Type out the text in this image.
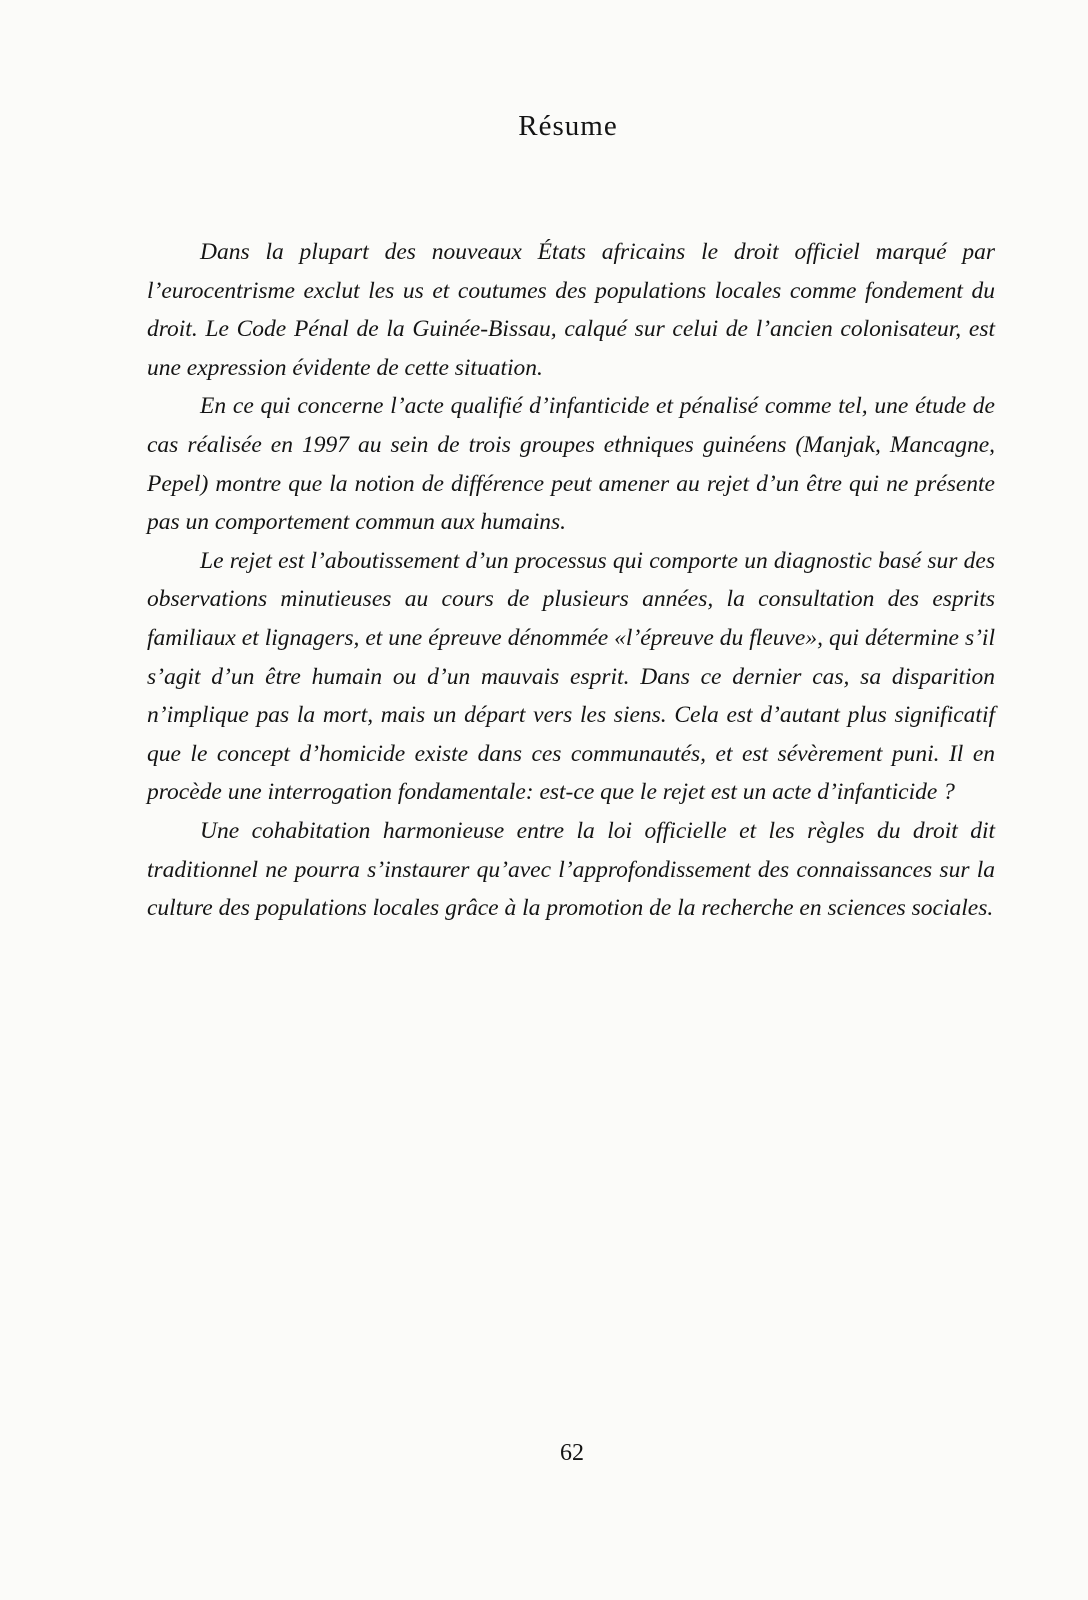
Résume

Dans la plupart des nouveaux États africains le droit officiel marqué par l’eurocentrisme exclut les us et coutumes des populations locales comme fondement du droit. Le Code Pénal de la Guinée-Bissau, calqué sur celui de l’ancien colonisateur, est une expression évidente de cette situation.

En ce qui concerne l’acte qualifié d’infanticide et pénalisé comme tel, une étude de cas réalisée en 1997 au sein de trois groupes ethniques guinéens (Manjak, Mancagne, Pepel) montre que la notion de différence peut amener au rejet d’un être qui ne présente pas un comportement commun aux humains.

Le rejet est l’aboutissement d’un processus qui comporte un diagnostic basé sur des observations minutieuses au cours de plusieurs années, la consultation des esprits familiaux et lignagers, et une épreuve dénommée «l’épreuve du fleuve», qui détermine s’il s’agit d’un être humain ou d’un mauvais esprit. Dans ce dernier cas, sa disparition n’implique pas la mort, mais un départ vers les siens. Cela est d’autant plus significatif que le concept d’homicide existe dans ces communautés, et est sévèrement puni. Il en procède une interrogation fondamentale: est-ce que le rejet est un acte d’infanticide ?

Une cohabitation harmonieuse entre la loi officielle et les règles du droit dit traditionnel ne pourra s’instaurer qu’avec l’approfondissement des connaissances sur la culture des populations locales grâce à la promotion de la recherche en sciences sociales.

62
